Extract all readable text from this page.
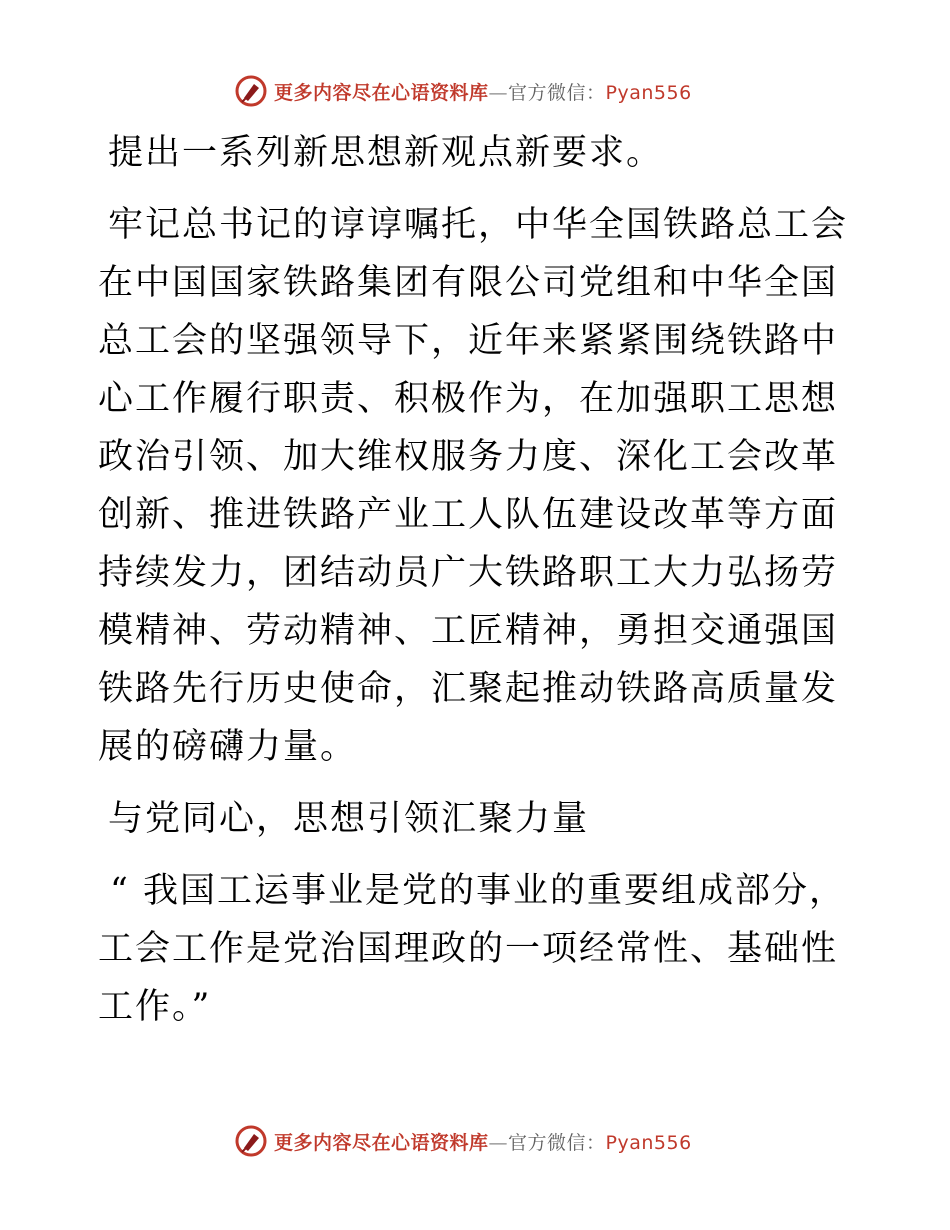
更多内容尽在心语资料库—官方微信：Pyan556

提出一系列新思想新观点新要求。

牢记总书记的谆谆嘱托，中华全国铁路总工会在中国国家铁路集团有限公司党组和中华全国总工会的坚强领导下，近年来紧紧围绕铁路中心工作履行职责、积极作为，在加强职工思想政治引领、加大维权服务力度、深化工会改革创新、推进铁路产业工人队伍建设改革等方面持续发力，团结动员广大铁路职工大力弘扬劳模精神、劳动精神、工匠精神，勇担交通强国铁路先行历史使命，汇聚起推动铁路高质量发展的磅礴力量。

与党同心，思想引领汇聚力量

“ 我国工运事业是党的事业的重要组成部分，工会工作是党治国理政的一项经常性、基础性工作。”

更多内容尽在心语资料库—官方微信：Pyan556
